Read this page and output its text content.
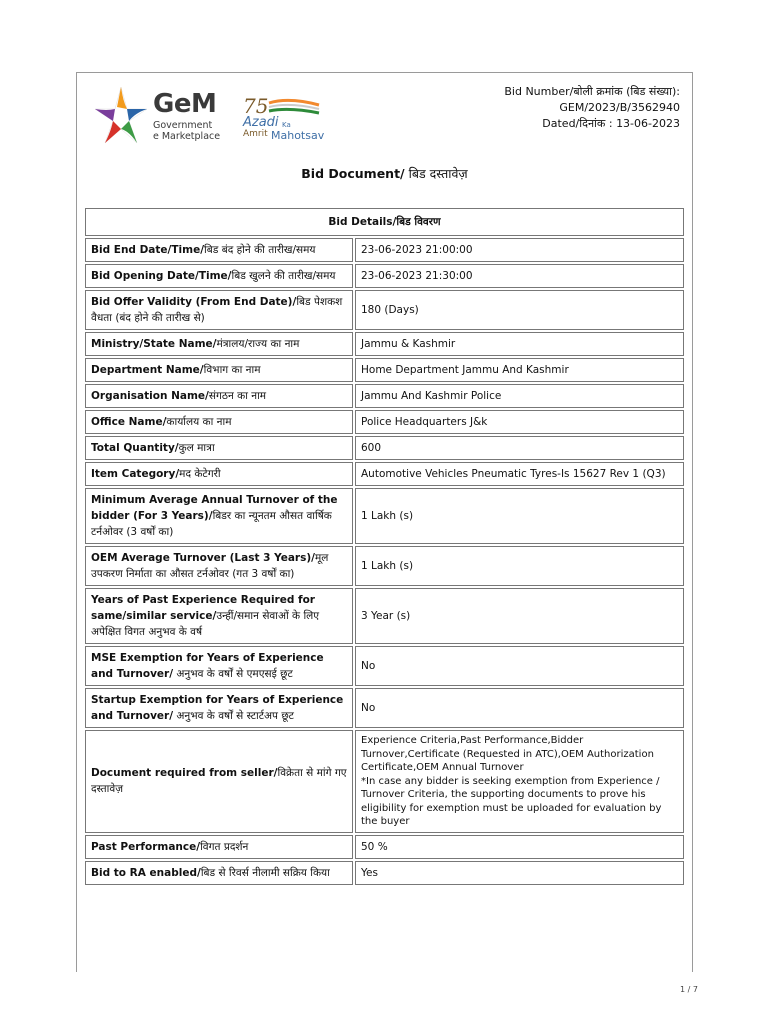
GeM
Government
e Marketplace
75
Azadi Ka
Amrit Mahotsav
Bid Number/बोली क्रमांक (बिड संख्या):
GEM/2023/B/3562940
Dated/दिनांक : 13-06-2023
Bid Document/ बिड दस्तावेज़
Bid Details/बिड विवरण	
Bid End Date/Time/बिड बंद होने की तारीख/समय	23-06-2023 21:00:00
Bid Opening Date/Time/बिड खुलने की तारीख/समय	23-06-2023 21:30:00
Bid Offer Validity (From End Date)/बिड पेशकश वैधता (बंद होने की तारीख से)	180 (Days)
Ministry/State Name/मंत्रालय/राज्य का नाम	Jammu & Kashmir
Department Name/विभाग का नाम	Home Department Jammu And Kashmir
Organisation Name/संगठन का नाम	Jammu And Kashmir Police
Office Name/कार्यालय का नाम	Police Headquarters J&k
Total Quantity/कुल मात्रा	600
Item Category/मद केटेगरी	Automotive Vehicles Pneumatic Tyres-Is 15627 Rev 1 (Q3)
Minimum Average Annual Turnover of the bidder (For 3 Years)/बिडर का न्यूनतम औसत वार्षिक टर्नओवर (3 वर्षों का)	1 Lakh (s)
OEM Average Turnover (Last 3 Years)/मूल उपकरण निर्माता का औसत टर्नओवर (गत 3 वर्षों का)	1 Lakh (s)
Years of Past Experience Required for same/similar service/उन्हीं/समान सेवाओं के लिए अपेक्षित विगत अनुभव के वर्ष	3 Year (s)
MSE Exemption for Years of Experience and Turnover/ अनुभव के वर्षों से एमएसई छूट	No
Startup Exemption for Years of Experience and Turnover/ अनुभव के वर्षों से स्टार्टअप छूट	No
Document required from seller/विक्रेता से मांगे गए दस्तावेज़	Experience Criteria,Past Performance,Bidder Turnover,Certificate (Requested in ATC),OEM Authorization Certificate,OEM Annual Turnover
*In case any bidder is seeking exemption from Experience / Turnover Criteria, the supporting documents to prove his eligibility for exemption must be uploaded for evaluation by the buyer
Past Performance/विगत प्रदर्शन	50 %
Bid to RA enabled/बिड से रिवर्स नीलामी सक्रिय किया	Yes
1 / 7
